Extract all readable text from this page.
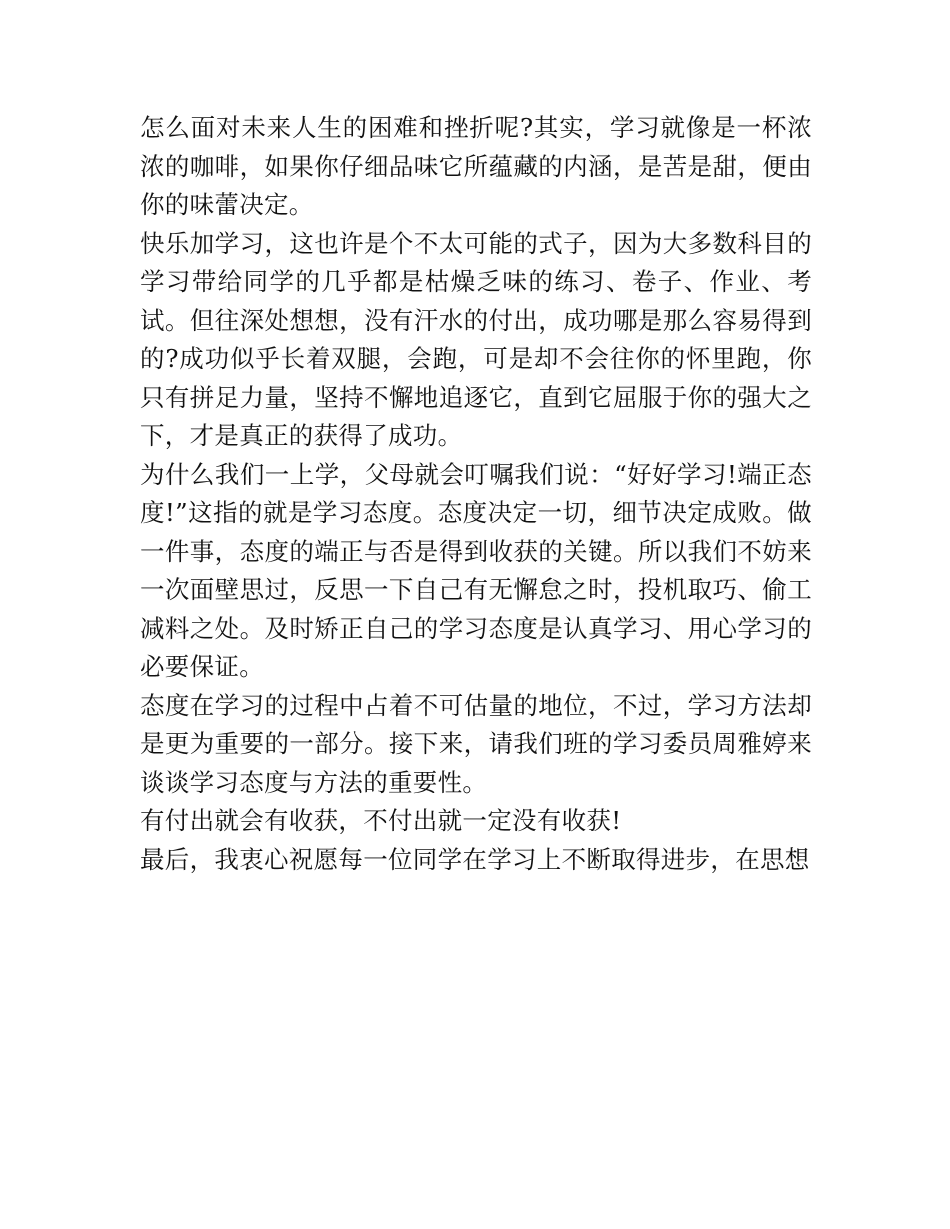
怎么面对未来人生的困难和挫折呢?其实，学习就像是一杯浓浓的咖啡，如果你仔细品味它所蕴藏的内涵，是苦是甜，便由你的味蕾决定。

快乐加学习，这也许是个不太可能的式子，因为大多数科目的学习带给同学的几乎都是枯燥乏味的练习、卷子、作业、考试。但往深处想想，没有汗水的付出，成功哪是那么容易得到的?成功似乎长着双腿，会跑，可是却不会往你的怀里跑，你只有拼足力量，坚持不懈地追逐它，直到它屈服于你的强大之下，才是真正的获得了成功。

为什么我们一上学，父母就会叮嘱我们说：“好好学习!端正态度!”这指的就是学习态度。态度决定一切，细节决定成败。做一件事，态度的端正与否是得到收获的关键。所以我们不妨来一次面壁思过，反思一下自己有无懈怠之时，投机取巧、偷工减料之处。及时矫正自己的学习态度是认真学习、用心学习的必要保证。

态度在学习的过程中占着不可估量的地位，不过，学习方法却是更为重要的一部分。接下来，请我们班的学习委员周雅婷来谈谈学习态度与方法的重要性。

有付出就会有收获，不付出就一定没有收获!

最后，我衷心祝愿每一位同学在学习上不断取得进步，在思想
